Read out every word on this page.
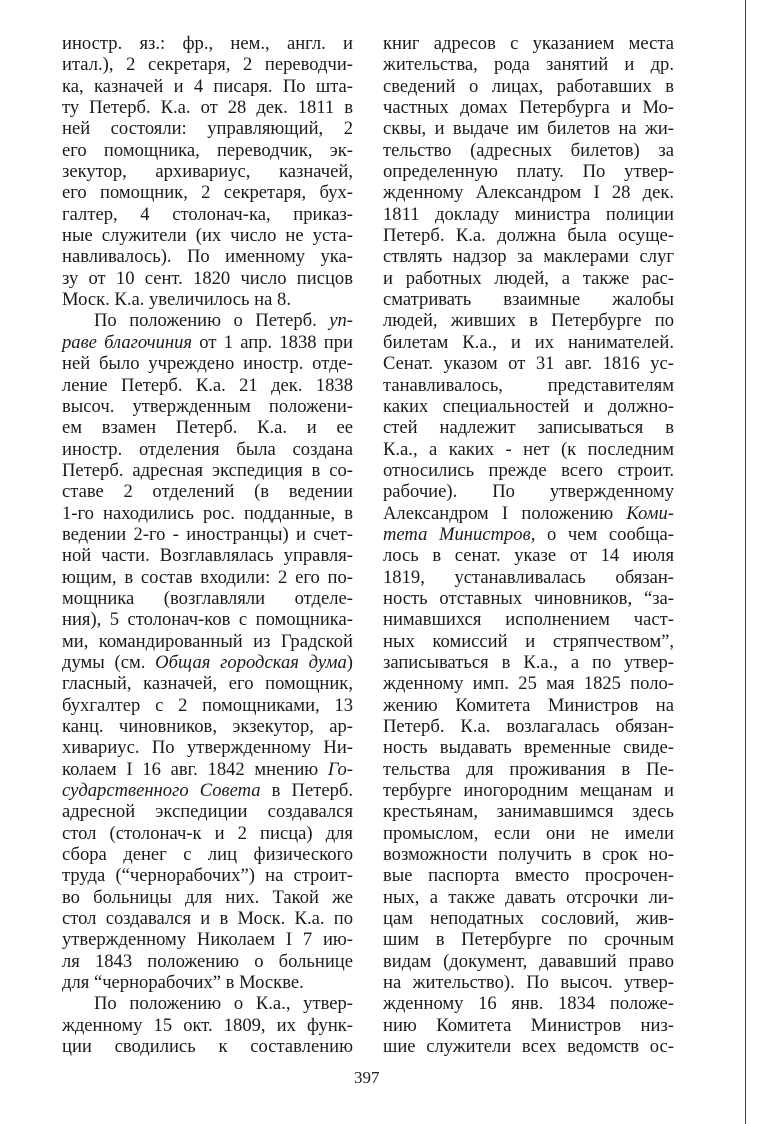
иностр. яз.: фр., нем., англ. и
итал.), 2 секретаря, 2 переводчи-
ка, казначей и 4 писаря. По шта-
ту Петерб. К.а. от 28 дек. 1811 в
ней состояли: управляющий, 2
его помощника, переводчик, эк-
зекутор, архивариус, казначей,
его помощник, 2 секретаря, бух-
галтер, 4 столонач-ка, приказ-
ные служители (их число не уста-
навливалось). По именному ука-
зу от 10 сент. 1820 число писцов
Моск. К.а. увеличилось на 8.
По положению о Петерб. уп-
раве благочиния от 1 апр. 1838 при
ней было учреждено иностр. отде-
ление Петерб. К.а. 21 дек. 1838
высоч. утвержденным положени-
ем взамен Петерб. К.а. и ее
иностр. отделения была создана
Петерб. адресная экспедиция в со-
ставе 2 отделений (в ведении
1-го находились рос. подданные, в
ведении 2-го - иностранцы) и счет-
ной части. Возглавлялась управля-
ющим, в состав входили: 2 его по-
мощника (возглавляли отделе-
ния), 5 столонач-ков с помощника-
ми, командированный из Градской
думы (см. Общая городская дума)
гласный, казначей, его помощник,
бухгалтер с 2 помощниками, 13
канц. чиновников, экзекутор, ар-
хивариус. По утвержденному Ни-
колаем I 16 авг. 1842 мнению Го-
сударственного Совета в Петерб.
адресной экспедиции создавался
стол (столонач-к и 2 писца) для
сбора денег с лиц физического
труда (“чернорабочих”) на строит-
во больницы для них. Такой же
стол создавался и в Моск. К.а. по
утвержденному Николаем I 7 ию-
ля 1843 положению о больнице
для “чернорабочих” в Москве.
По положению о К.а., утвер-
жденному 15 окт. 1809, их функ-
ции сводились к составлению
книг адресов с указанием места
жительства, рода занятий и др.
сведений о лицах, работавших в
частных домах Петербурга и Мо-
сквы, и выдаче им билетов на жи-
тельство (адресных билетов) за
определенную плату. По утвер-
жденному Александром I 28 дек.
1811 докладу министра полиции
Петерб. К.а. должна была осуще-
ствлять надзор за маклерами слуг
и работных людей, а также рас-
сматривать взаимные жалобы
людей, живших в Петербурге по
билетам К.а., и их нанимателей.
Сенат. указом от 31 авг. 1816 ус-
танавливалось, представителям
каких специальностей и должно-
стей надлежит записываться в
К.а., а каких - нет (к последним
относились прежде всего строит.
рабочие). По утвержденному
Александром I положению Коми-
тета Министров, о чем сообща-
лось в сенат. указе от 14 июля
1819, устанавливалась обязан-
ность отставных чиновников, “за-
нимавшихся исполнением част-
ных комиссий и стряпчеством”,
записываться в К.а., а по утвер-
жденному имп. 25 мая 1825 поло-
жению Комитета Министров на
Петерб. К.а. возлагалась обязан-
ность выдавать временные свиде-
тельства для проживания в Пе-
тербурге иногородним мещанам и
крестьянам, занимавшимся здесь
промыслом, если они не имели
возможности получить в срок но-
вые паспорта вместо просрочен-
ных, а также давать отсрочки ли-
цам неподатных сословий, жив-
шим в Петербурге по срочным
видам (документ, дававший право
на жительство). По высоч. утвер-
жденному 16 янв. 1834 положе-
нию Комитета Министров низ-
шие служители всех ведомств ос-
397
